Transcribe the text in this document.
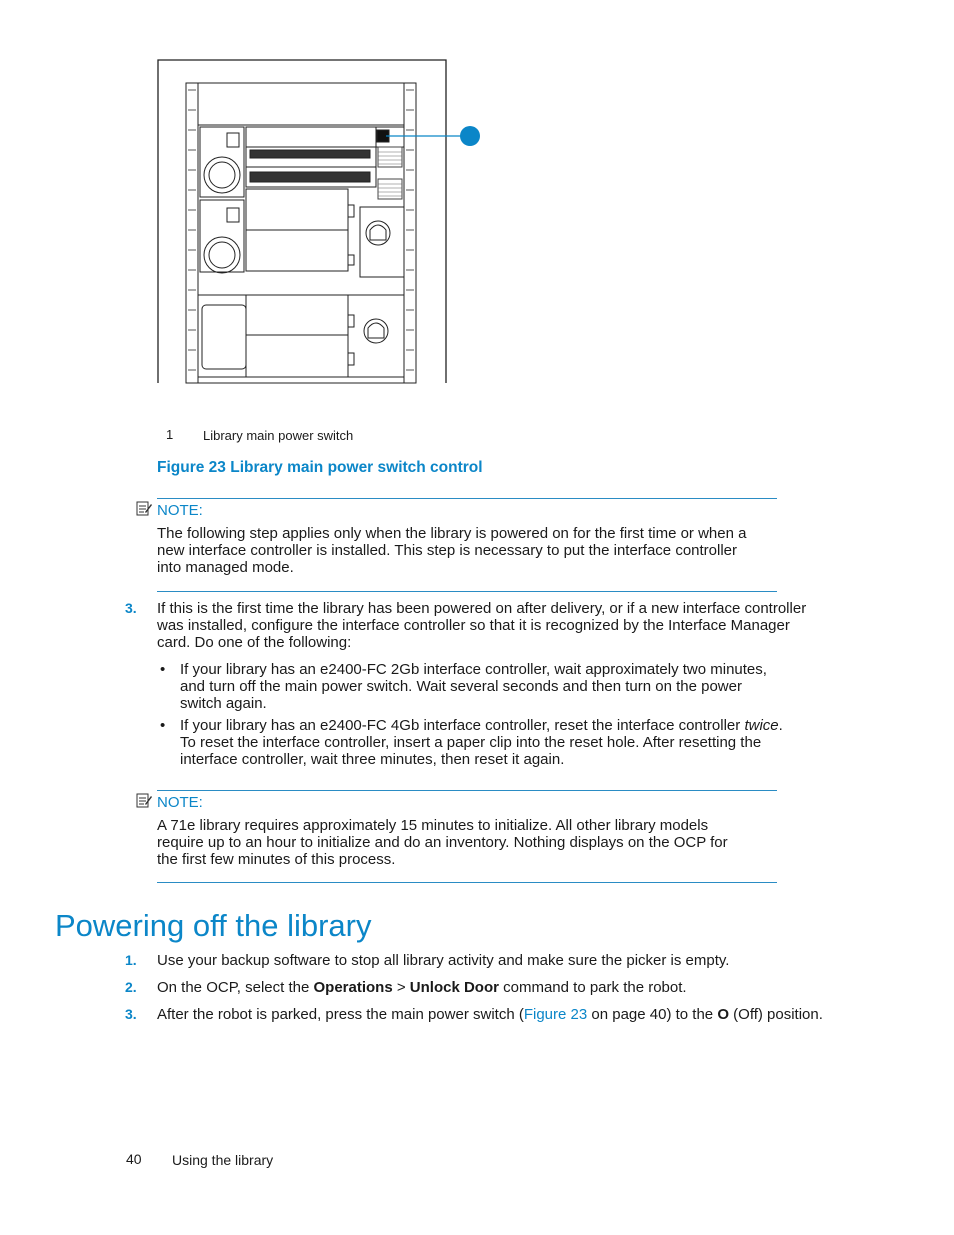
1 Library main power switch
Figure 23 Library main power switch control
NOTE:
The following step applies only when the library is powered on for the first time or when a
new interface controller is installed. This step is necessary to put the interface controller
into managed mode.
3. If this is the first time the library has been powered on after delivery, or if a new interface controller
was installed, configure the interface controller so that it is recognized by the Interface Manager
card. Do one of the following:
• If your library has an e2400-FC 2Gb interface controller, wait approximately two minutes,
and turn off the main power switch. Wait several seconds and then turn on the power
switch again.
• If your library has an e2400-FC 4Gb interface controller, reset the interface controller twice.
To reset the interface controller, insert a paper clip into the reset hole. After resetting the
interface controller, wait three minutes, then reset it again.
NOTE:
A 71e library requires approximately 15 minutes to initialize. All other library models
require up to an hour to initialize and do an inventory. Nothing displays on the OCP for
the first few minutes of this process.
Powering off the library
1. Use your backup software to stop all library activity and make sure the picker is empty.
2. On the OCP, select the Operations > Unlock Door command to park the robot.
3. After the robot is parked, press the main power switch (Figure 23 on page 40) to the O (Off) position.
40 Using the library
